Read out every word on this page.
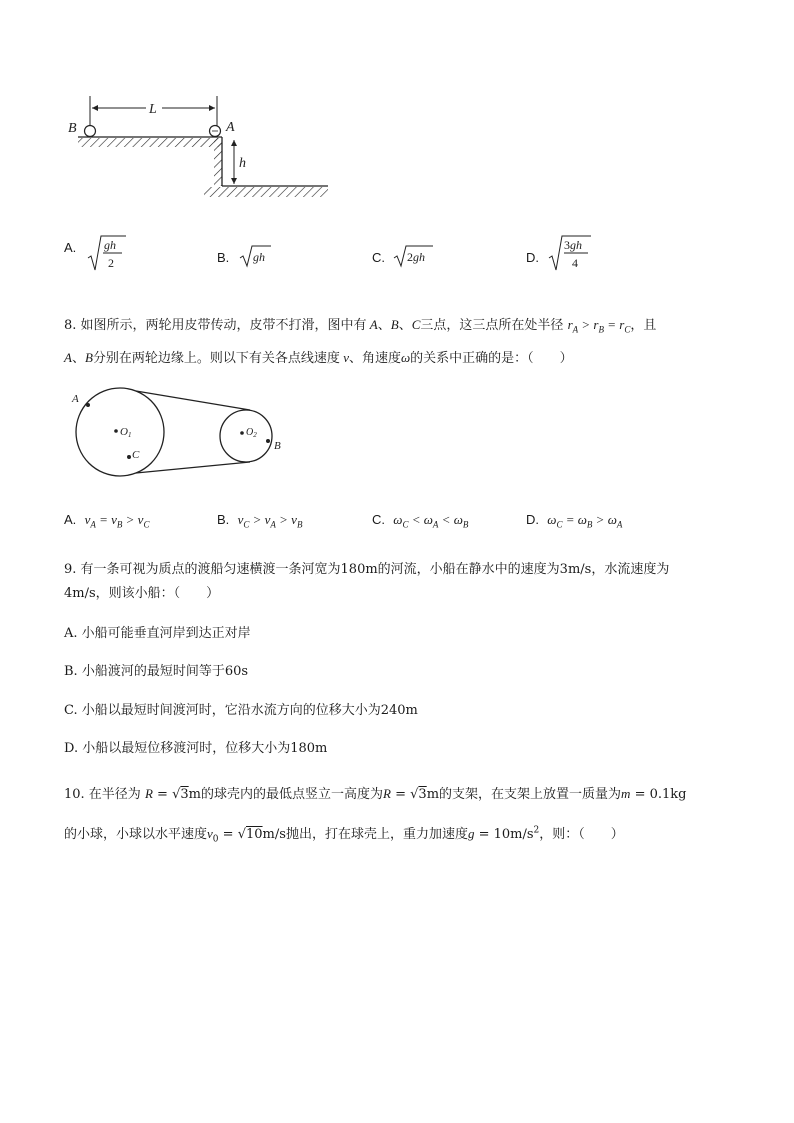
L
B	A
h
A. gh
2	B. gh	C. 2gh	D.
3gh
4
8. 如图所示，两轮用皮带传动，皮带不打滑，图中有 A、B、C三点，这三点所在处半径 $r_A > r_B = r_C$，且
A、B分别在两轮边缘上。则以下有关各点线速度 v、角速度ω的关系中正确的是：（　　）
A
O1
C
$O_2$
B
A. $v_A = v_B > v_C$	B. $v_C > v_A > v_B$	C. $\omega_C < \omega_A < \omega_B$	D. $\omega_C = \omega_B > \omega_A$
9. 有一条可视为质点的渡船匀速横渡一条河宽为180m的河流，小船在静水中的速度为3m/s，水流速度为
4m/s，则该小船：（　　）
A. 小船可能垂直河岸到达正对岸
B. 小船渡河的最短时间等于60s
C. 小船以最短时间渡河时，它沿水流方向的位移大小为240m
D. 小船以最短位移渡河时，位移大小为180m
10. 在半径为 R = √3m的球壳内的最低点竖立一高度为R = √3m的支架，在支架上放置一质量为m = 0.1kg
的小球，小球以水平速度$v_0 = √10m/s$抛出，打在球壳上，重力加速度$g = 10m/s^2$，则：（　　）
